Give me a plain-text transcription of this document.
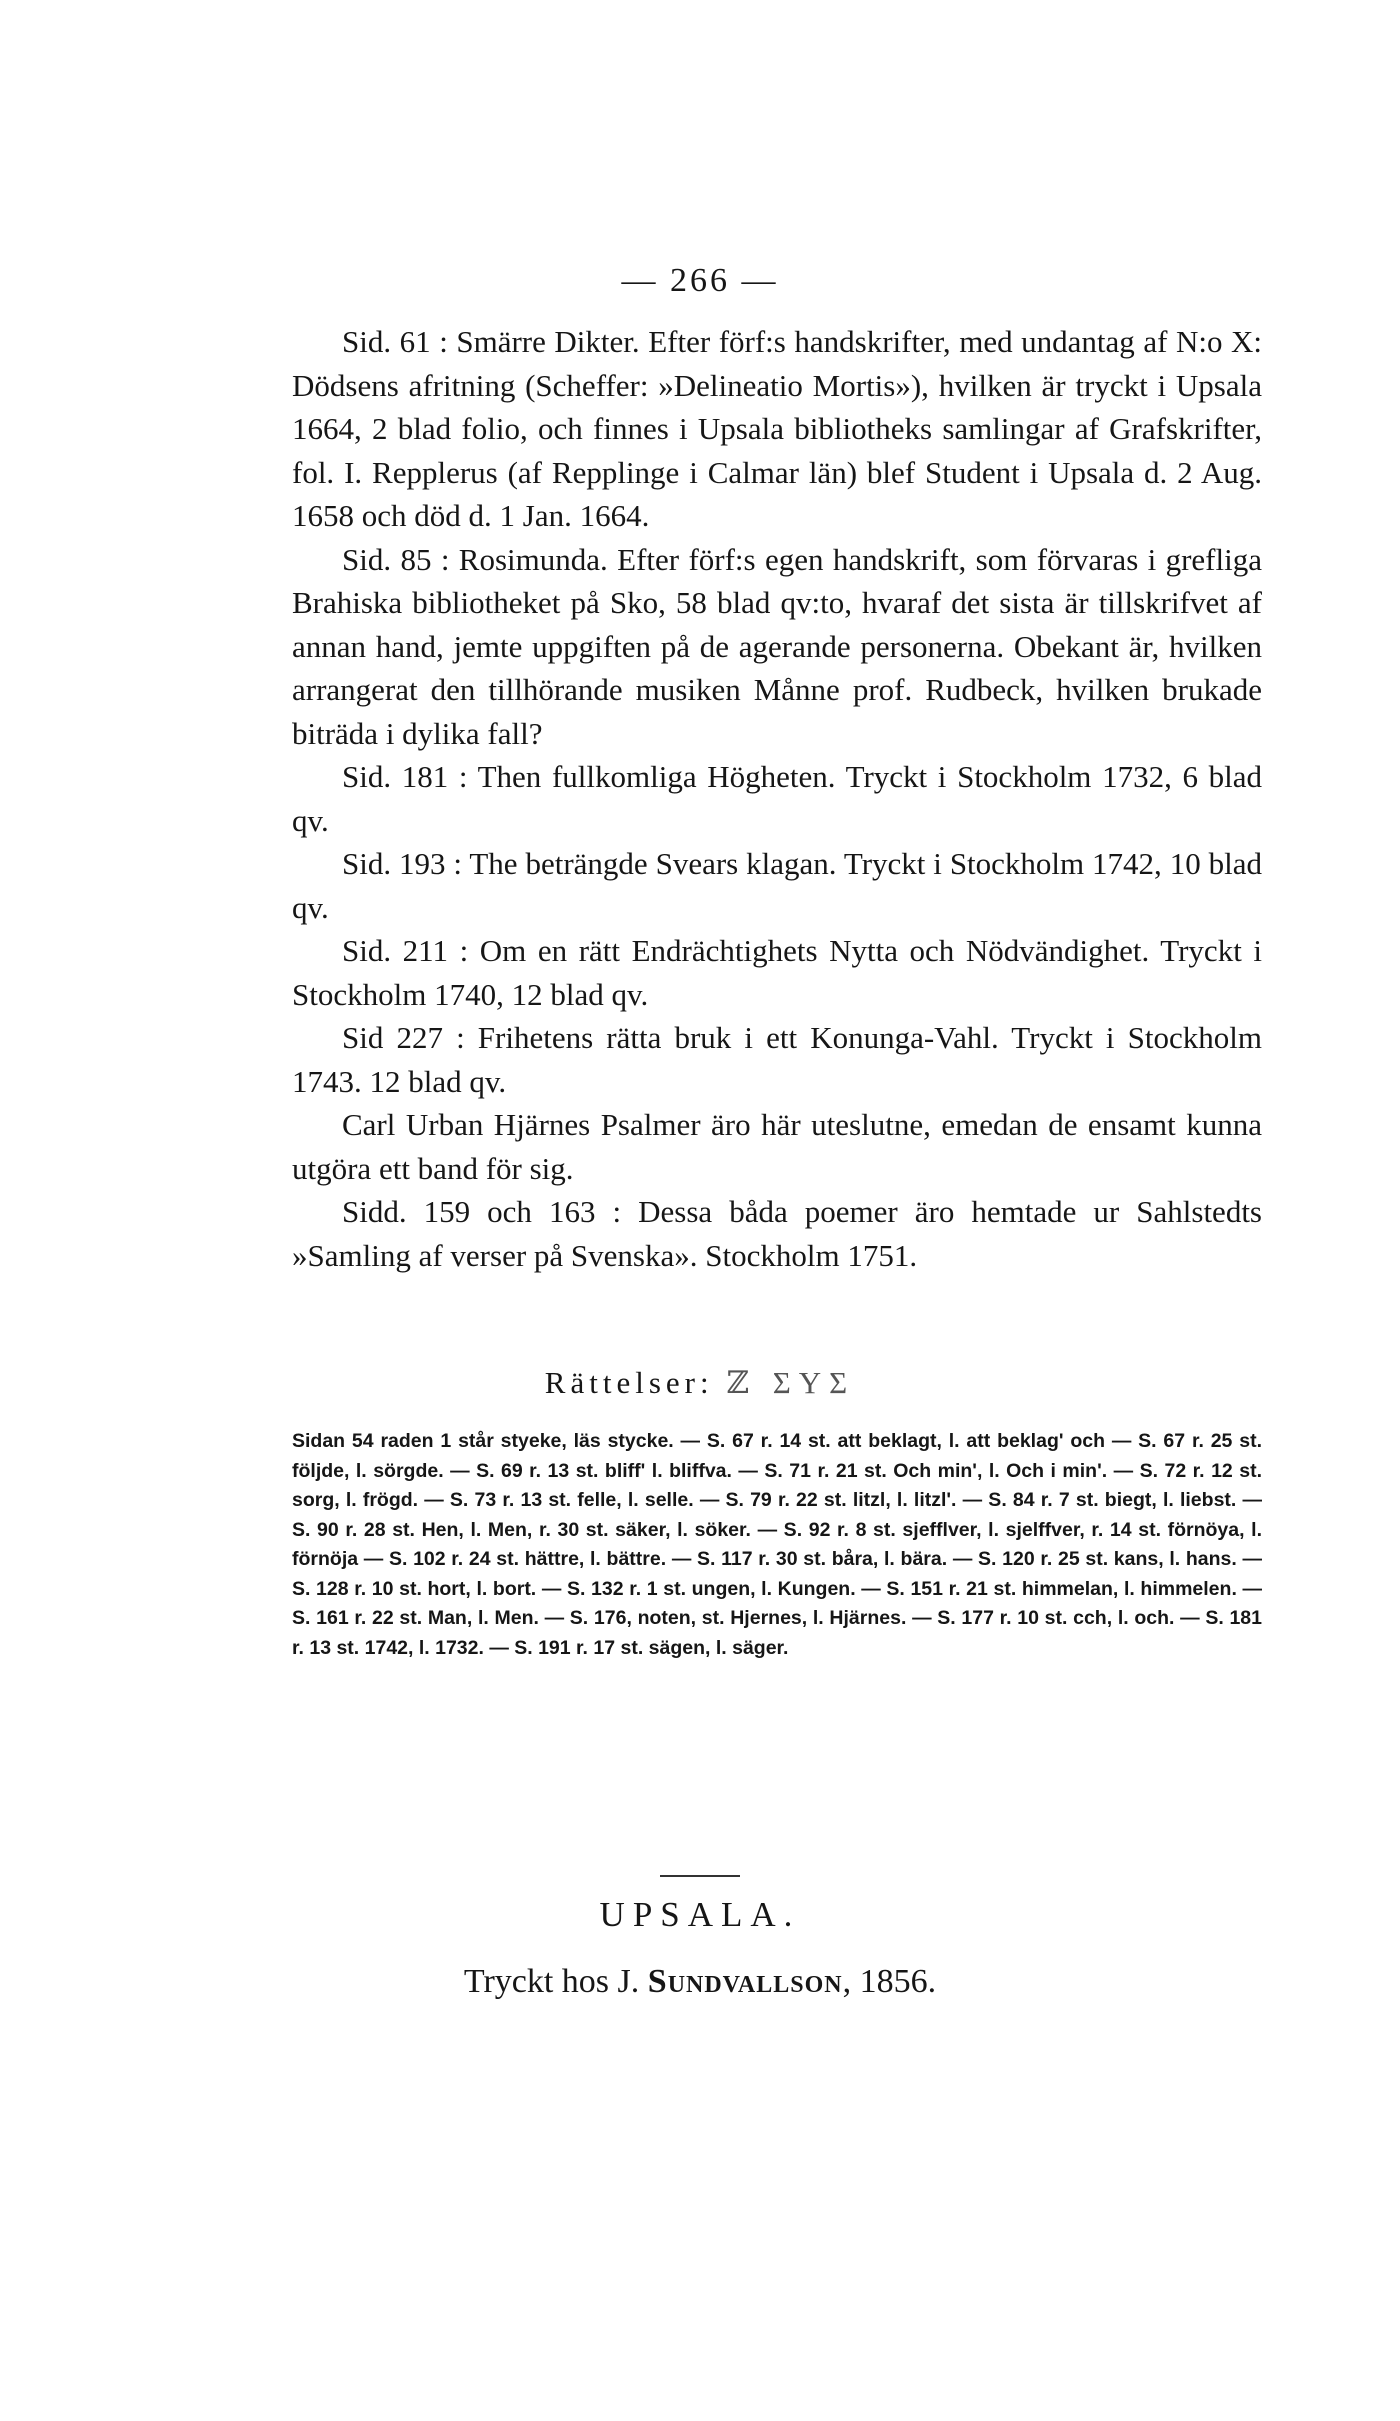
— 266 —

Sid. 61 : Smärre Dikter. Efter förf:s handskrifter, med undantag af N:o X: Dödsens afritning (Scheffer: »Delineatio Mortis»), hvilken är tryckt i Upsala 1664, 2 blad folio, och finnes i Upsala bibliotheks samlingar af Grafskrifter, fol. I. Repplerus (af Repplinge i Calmar län) blef Student i Upsala d. 2 Aug. 1658 och död d. 1 Jan. 1664.

Sid. 85 : Rosimunda. Efter förf:s egen handskrift, som förvaras i grefliga Brahiska bibliotheket på Sko, 58 blad qv:to, hvaraf det sista är tillskrifvet af annan hand, jemte uppgiften på de agerande personerna. Obekant är, hvilken arrangerat den tillhörande musiken Månne prof. Rudbeck, hvilken brukade biträda i dylika fall?

Sid. 181 : Then fullkomliga Högheten. Tryckt i Stockholm 1732, 6 blad qv.

Sid. 193 : The beträngde Svears klagan. Tryckt i Stockholm 1742, 10 blad qv.

Sid. 211 : Om en rätt Endrächtighets Nytta och Nödvändighet. Tryckt i Stockholm 1740, 12 blad qv.

Sid 227 : Frihetens rätta bruk i ett Konunga-Vahl. Tryckt i Stockholm 1743. 12 blad qv.

Carl Urban Hjärnes Psalmer äro här uteslutne, emedan de ensamt kunna utgöra ett band för sig.

Sidd. 159 och 163 : Dessa båda poemer äro hemtade ur Sahlstedts »Samling af verser på Svenska». Stockholm 1751.

Rättelser: ℤ ΣΥΣ

Sidan 54 raden 1 står styeke, läs stycke. — S. 67 r. 14 st. att beklagt, l. att beklag' och — S. 67 r. 25 st. följde, l. sörgde. — S. 69 r. 13 st. bliff' l. bliffva. — S. 71 r. 21 st. Och min', l. Och i min'. — S. 72 r. 12 st. sorg, l. frögd. — S. 73 r. 13 st. felle, l. selle. — S. 79 r. 22 st. litzl, l. litzl'. — S. 84 r. 7 st. biegt, l. liebst. — S. 90 r. 28 st. Hen, l. Men, r. 30 st. säker, l. söker. — S. 92 r. 8 st. sjefflver, l. sjelffver, r. 14 st. förnöya, l. förnöja — S. 102 r. 24 st. hättre, l. bättre. — S. 117 r. 30 st. båra, l. bära. — S. 120 r. 25 st. kans, l. hans. — S. 128 r. 10 st. hort, l. bort. — S. 132 r. 1 st. ungen, l. Kungen. — S. 151 r. 21 st. himmelan, l. himmelen. — S. 161 r. 22 st. Man, l. Men. — S. 176, noten, st. Hjernes, l. Hjärnes. — S. 177 r. 10 st. cch, l. och. — S. 181 r. 13 st. 1742, l. 1732. — S. 191 r. 17 st. sägen, l. säger.

UPSALA.
Tryckt hos J. Sundvallson, 1856.
